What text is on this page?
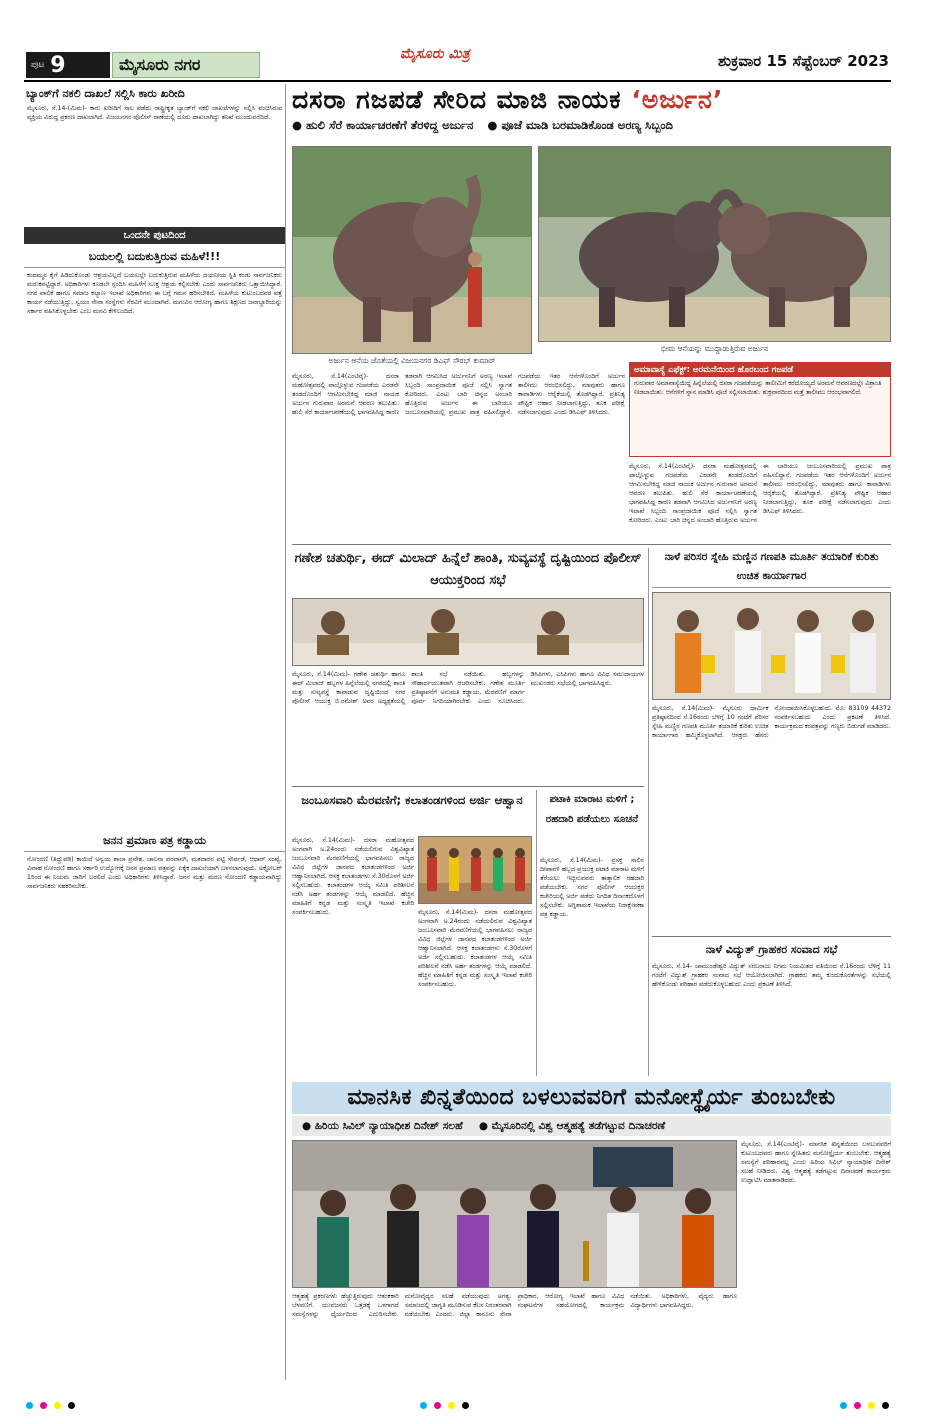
ಪುಟ 9	ಮೈಸೂರು ನಗರ
ಮೈಸೂರು ಮಿತ್ರ	ಶುಕ್ರವಾರ 15 ಸೆಪ್ಟೆಂಬರ್ 2023
ಬ್ಯಾಂಕ್‌ಗೆ ನಕಲಿ ದಾಖಲೆ ಸಲ್ಲಿಸಿ ಕಾರು ಖರೀದಿ
ಮೈಸೂರು, ಸೆ.14-(ಮಿಮ)- ಕಾರು ಖರೀದಿಗೆ ಸಾಲ ಪಡೆದು ರಾಷ್ಟ್ರೀಕೃತ ಬ್ಯಾಂಕ್‌ಗೆ ನಕಲಿ ದಾಖಲೆಗಳನ್ನು ಸಲ್ಲಿಸಿ ವಂಚಿಸಿರುವ ವ್ಯಕ್ತಿಯ ವಿರುದ್ಧ ಪ್ರಕರಣ ದಾಖಲಾಗಿದೆ. ವಿಜಯನಗರ ಪೊಲೀಸ್ ಠಾಣೆಯಲ್ಲಿ ದೂರು ದಾಖಲಾಗಿದ್ದು ತನಿಖೆ ಮುಂದುವರೆದಿದೆ.
ಒಂದನೇ ಪುಟದಿಂದ
ಬಯಲಲ್ಲಿ ಬದುಕುತ್ತಿರುವ ಮಹಿಳೆ!!!
ಕಂದಮ್ಮನ ಕೈಗೆ ಹಿಡಿದುಕೊಂಡು ಆಶ್ರಯವಿಲ್ಲದೆ ಬಯಲಲ್ಲೇ ಬದುಕುತ್ತಿರುವ ಮಹಿಳೆಯ ದಯನೀಯ ಸ್ಥಿತಿ ಕಂಡು ಸಾರ್ವಜನಿಕರು ಮರುಕಪಟ್ಟಿದ್ದಾರೆ. ಅಧಿಕಾರಿಗಳು ಕೂಡಲೇ ಸ್ಪಂದಿಸಿ ಮಹಿಳೆಗೆ ಸೂಕ್ತ ಆಶ್ರಯ ಕಲ್ಪಿಸಬೇಕು ಎಂದು ಸಾರ್ವಜನಿಕರು ಒತ್ತಾಯಿಸಿದ್ದಾರೆ. ನಗರ ಪಾಲಿಕೆ ಹಾಗೂ ಸಮಾಜ ಕಲ್ಯಾಣ ಇಲಾಖೆ ಅಧಿಕಾರಿಗಳು ಈ ಬಗ್ಗೆ ಗಮನ ಹರಿಸಬೇಕಿದೆ. ಮಹಿಳೆಯ ಕುಟುಂಬದವರ ಪತ್ತೆ ಕಾರ್ಯ ನಡೆಯುತ್ತಿದ್ದು, ಸ್ವಯಂ ಸೇವಾ ಸಂಸ್ಥೆಗಳು ನೆರವಿಗೆ ಮುಂದಾಗಿವೆ. ಮಗುವಿನ ಆರೋಗ್ಯ ಹಾಗೂ ಶಿಕ್ಷಣದ ಜವಾಬ್ದಾರಿಯನ್ನು ಸರ್ಕಾರ ವಹಿಸಿಕೊಳ್ಳಬೇಕು ಎಂಬ ಮನವಿ ಕೇಳಿಬಂದಿದೆ.
ಜನನ ಪ್ರಮಾಣ ಪತ್ರ ಕಡ್ಡಾಯ
ನೋಂದಣಿ (ತಿದ್ದುಪಡಿ) ಕಾಯಿದೆ ಅನ್ವಯ ಶಾಲಾ ಪ್ರವೇಶ, ಚಾಲನಾ ಪರವಾನಗಿ, ಮತದಾರರ ಪಟ್ಟಿ ಸೇರ್ಪಡೆ, ಆಧಾರ್ ಸಂಖ್ಯೆ, ವಿವಾಹ ನೋಂದಣಿ ಹಾಗೂ ಸರ್ಕಾರಿ ಉದ್ಯೋಗಕ್ಕೆ ಜನನ ಪ್ರಮಾಣ ಪತ್ರವನ್ನು ಏಕೈಕ ದಾಖಲೆಯಾಗಿ ಬಳಸಲಾಗುವುದು. ಅಕ್ಟೋಬರ್ 1ರಿಂದ ಈ ನಿಯಮ ಜಾರಿಗೆ ಬರಲಿದೆ ಎಂದು ಅಧಿಕಾರಿಗಳು ತಿಳಿಸಿದ್ದಾರೆ. ಜನನ ಮತ್ತು ಮರಣ ನೋಂದಣಿ ಕಡ್ಡಾಯವಾಗಿದ್ದು ಸಾರ್ವಜನಿಕರು ಸಹಕರಿಸಬೇಕು.
ದಸರಾ ಗಜಪಡೆ ಸೇರಿದ ಮಾಜಿ ನಾಯಕ ‘ಅರ್ಜುನ’
● ಹುಲಿ ಸೆರೆ ಕಾರ್ಯಾಚರಣೆಗೆ ತೆರಳಿದ್ದ ಅರ್ಜುನ	● ಪೂಜೆ ಮಾಡಿ ಬರಮಾಡಿಕೊಂಡ ಅರಣ್ಯ ಸಿಬ್ಬಂದಿ
ಅರ್ಜುನ ಆನೆಯ ಜೊತೆಯಲ್ಲಿ ವಿಜಯನಗರ ಡಿಎಫ್ ಸೌರಭ್ ಕುಮಾರ್
ಭೀಮ ಆನೆಯನ್ನು ಮುದ್ದಾಡುತ್ತಿರುವ ಅರ್ಜುನ
ಮೈಸೂರು, ಸೆ.14(ಎಂಟಿವೈ)- ದಸರಾ ಮಹೋತ್ಸವದಲ್ಲಿ ಪಾಲ್ಗೊಳ್ಳುವ ಗಜಪಡೆಯ ಎರಡನೇ ತಂಡದೊಂದಿಗೆ ಆಗಮಿಸಬೇಕಿದ್ದ ಮಾಜಿ ನಾಯಕ ಅರ್ಜುನ ಗುರುವಾರ ಅರಮನೆ ಆವರಣ ತಲುಪಿತು. ಹುಲಿ ಸೆರೆ ಕಾರ್ಯಾಚರಣೆಯಲ್ಲಿ ಭಾಗವಹಿಸಿದ್ದ ಕಾರಣ ತಡವಾಗಿ ಆಗಮಿಸಿದ ಅರ್ಜುನನಿಗೆ ಅರಣ್ಯ ಇಲಾಖೆ ಸಿಬ್ಬಂದಿ ಸಾಂಪ್ರದಾಯಿಕ ಪೂಜೆ ಸಲ್ಲಿಸಿ ಸ್ವಾಗತ ಕೋರಿದರು. ಎಂಟು ಬಾರಿ ಚಿನ್ನದ ಅಂಬಾರಿ ಹೊತ್ತಿರುವ ಅರ್ಜುನ ಈ ಬಾರಿಯೂ ಜಂಬೂಸವಾರಿಯಲ್ಲಿ ಪ್ರಮುಖ ಪಾತ್ರ ವಹಿಸಲಿದ್ದಾನೆ. ಗಜಪಡೆಯ ಇತರ ಆನೆಗಳೊಂದಿಗೆ ಅರ್ಜುನ ತಾಲೀಮು ಆರಂಭಿಸಲಿದ್ದು, ಮಾವುತರು ಹಾಗೂ ಕಾವಾಡಿಗಳು ಆರೈಕೆಯಲ್ಲಿ ತೊಡಗಿದ್ದಾರೆ. ಪ್ರತಿನಿತ್ಯ ಪೌಷ್ಟಿಕ ಆಹಾರ ನೀಡಲಾಗುತ್ತಿದ್ದು, ತೂಕ ಪರೀಕ್ಷೆ ನಡೆಸಲಾಗುವುದು ಎಂದು ಡಿಸಿಎಫ್ ತಿಳಿಸಿದರು.
ಅಮಾವಾಸ್ಯೆ ಎಫೆಕ್ಟ್: ಅರಮನೆಯಿಂದ ಹೊರಬಂದ ಗಜಪಡೆ
ಗುರುವಾರ ಅಮಾವಾಸ್ಯೆಯಿದ್ದ ಹಿನ್ನೆಲೆಯಲ್ಲಿ ದಸರಾ ಗಜಪಡೆಯನ್ನು ತಾಲೀಮಿಗೆ ಕರೆದೊಯ್ಯದೆ ಅರಮನೆ ಆವರಣದಲ್ಲೇ ವಿಶ್ರಾಂತಿ ನೀಡಲಾಯಿತು. ಆನೆಗಳಿಗೆ ಸ್ನಾನ ಮಾಡಿಸಿ ಪೂಜೆ ಸಲ್ಲಿಸಲಾಯಿತು. ಶುಕ್ರವಾರದಿಂದ ಮತ್ತೆ ತಾಲೀಮು ಆರಂಭವಾಗಲಿದೆ.
ಮೈಸೂರು, ಸೆ.14(ಎಂಟಿವೈ)- ದಸರಾ ಮಹೋತ್ಸವದಲ್ಲಿ ಪಾಲ್ಗೊಳ್ಳುವ ಗಜಪಡೆಯ ಎರಡನೇ ತಂಡದೊಂದಿಗೆ ಆಗಮಿಸಬೇಕಿದ್ದ ಮಾಜಿ ನಾಯಕ ಅರ್ಜುನ ಗುರುವಾರ ಅರಮನೆ ಆವರಣ ತಲುಪಿತು. ಹುಲಿ ಸೆರೆ ಕಾರ್ಯಾಚರಣೆಯಲ್ಲಿ ಭಾಗವಹಿಸಿದ್ದ ಕಾರಣ ತಡವಾಗಿ ಆಗಮಿಸಿದ ಅರ್ಜುನನಿಗೆ ಅರಣ್ಯ ಇಲಾಖೆ ಸಿಬ್ಬಂದಿ ಸಾಂಪ್ರದಾಯಿಕ ಪೂಜೆ ಸಲ್ಲಿಸಿ ಸ್ವಾಗತ ಕೋರಿದರು. ಎಂಟು ಬಾರಿ ಚಿನ್ನದ ಅಂಬಾರಿ ಹೊತ್ತಿರುವ ಅರ್ಜುನ ಈ ಬಾರಿಯೂ ಜಂಬೂಸವಾರಿಯಲ್ಲಿ ಪ್ರಮುಖ ಪಾತ್ರ ವಹಿಸಲಿದ್ದಾನೆ. ಗಜಪಡೆಯ ಇತರ ಆನೆಗಳೊಂದಿಗೆ ಅರ್ಜುನ ತಾಲೀಮು ಆರಂಭಿಸಲಿದ್ದು, ಮಾವುತರು ಹಾಗೂ ಕಾವಾಡಿಗಳು ಆರೈಕೆಯಲ್ಲಿ ತೊಡಗಿದ್ದಾರೆ. ಪ್ರತಿನಿತ್ಯ ಪೌಷ್ಟಿಕ ಆಹಾರ ನೀಡಲಾಗುತ್ತಿದ್ದು, ತೂಕ ಪರೀಕ್ಷೆ ನಡೆಸಲಾಗುವುದು ಎಂದು ಡಿಸಿಎಫ್ ತಿಳಿಸಿದರು.
ಗಣೇಶ ಚತುರ್ಥಿ, ಈದ್ ಮಿಲಾದ್ ಹಿನ್ನೆಲೆ ಶಾಂತಿ, ಸುವ್ಯವಸ್ಥೆ ದೃಷ್ಟಿಯಿಂದ ಪೊಲೀಸ್ ಆಯುಕ್ತರಿಂದ ಸಭೆ
ಮೈಸೂರು, ಸೆ.14(ಮಿಮ)- ಗಣೇಶ ಚತುರ್ಥಿ ಹಾಗೂ ಈದ್ ಮಿಲಾದ್ ಹಬ್ಬಗಳ ಹಿನ್ನೆಲೆಯಲ್ಲಿ ನಗರದಲ್ಲಿ ಶಾಂತಿ ಮತ್ತು ಸುವ್ಯವಸ್ಥೆ ಕಾಪಾಡುವ ದೃಷ್ಟಿಯಿಂದ ನಗರ ಪೊಲೀಸ್ ಆಯುಕ್ತ ಬಿ.ರಮೇಶ್ ಅವರ ಅಧ್ಯಕ್ಷತೆಯಲ್ಲಿ ಶಾಂತಿ ಸಭೆ ನಡೆಯಿತು. ಹಬ್ಬಗಳನ್ನು ಸೌಹಾರ್ದಯುತವಾಗಿ ಆಚರಿಸಬೇಕು. ಗಣೇಶ ಮೂರ್ತಿ ಪ್ರತಿಷ್ಠಾಪನೆಗೆ ಅನುಮತಿ ಕಡ್ಡಾಯ, ಮೆರವಣಿಗೆ ಮಾರ್ಗ ಪೂರ್ವ ನಿಗದಿಯಾಗಿರಬೇಕು ಎಂದು ಸೂಚಿಸಿದರು. ಡಿಸಿಪಿಗಳು, ಎಸಿಪಿಗಳು ಹಾಗೂ ವಿವಿಧ ಸಮುದಾಯಗಳ ಮುಖಂಡರು ಸಭೆಯಲ್ಲಿ ಭಾಗವಹಿಸಿದ್ದರು.
ನಾಳೆ ಪರಿಸರ ಸ್ನೇಹಿ ಮಣ್ಣಿನ ಗಣಪತಿ ಮೂರ್ತಿ ತಯಾರಿಕೆ ಕುರಿತು ಉಚಿತ ಕಾರ್ಯಾಗಾರ
ಮೈಸೂರು, ಸೆ.14(ಮಿಮ)- ಮೈಸೂರು ಧಾರ್ಮಿಕ ಪ್ರತಿಷ್ಠಾನದಿಂದ ಸೆ.16ರಂದು ಬೆಳಿಗ್ಗೆ 10 ಗಂಟೆಗೆ ಪರಿಸರ ಸ್ನೇಹಿ ಮಣ್ಣಿನ ಗಣಪತಿ ಮೂರ್ತಿ ತಯಾರಿಕೆ ಕುರಿತು ಉಚಿತ ಕಾರ್ಯಾಗಾರ ಹಮ್ಮಿಕೊಳ್ಳಲಾಗಿದೆ. ಆಸಕ್ತರು ಹೆಸರು ನೋಂದಾಯಿಸಿಕೊಳ್ಳಬಹುದು. ಮೊ: 83109 44372 ಸಂಪರ್ಕಿಸಬಹುದು ಎಂದು ಪ್ರಕಟಣೆ ತಿಳಿಸಿದೆ. ಕಾರ್ಯಕ್ರಮದ ಕರಪತ್ರವನ್ನು ಗಣ್ಯರು ಬಿಡುಗಡೆ ಮಾಡಿದರು.
ಜಂಬೂಸವಾರಿ ಮೆರವಣಿಗೆ; ಕಲಾತಂಡಗಳಿಂದ ಅರ್ಜಿ ಆಹ್ವಾನ
ಮೈಸೂರು, ಸೆ.14(ಮಿಮ)- ದಸರಾ ಮಹೋತ್ಸವದ ಅಂಗವಾಗಿ ಅ.24ರಂದು ನಡೆಯಲಿರುವ ವಿಶ್ವವಿಖ್ಯಾತ ಜಂಬೂಸವಾರಿ ಮೆರವಣಿಗೆಯಲ್ಲಿ ಭಾಗವಹಿಸಲು ರಾಜ್ಯದ ವಿವಿಧ ಜಿಲ್ಲೆಗಳ ಜಾನಪದ ಕಲಾತಂಡಗಳಿಂದ ಅರ್ಜಿ ಆಹ್ವಾನಿಸಲಾಗಿದೆ. ಆಸಕ್ತ ಕಲಾತಂಡಗಳು ಸೆ.30ರೊಳಗೆ ಅರ್ಜಿ ಸಲ್ಲಿಸಬಹುದು. ಕಲಾತಂಡಗಳ ಆಯ್ಕೆ ಸಮಿತಿ ಪರಿಶೀಲನೆ ನಡೆಸಿ ಅರ್ಹ ತಂಡಗಳನ್ನು ಆಯ್ಕೆ ಮಾಡಲಿದೆ. ಹೆಚ್ಚಿನ ಮಾಹಿತಿಗೆ ಕನ್ನಡ ಮತ್ತು ಸಂಸ್ಕೃತಿ ಇಲಾಖೆ ಕಚೇರಿ ಸಂಪರ್ಕಿಸಬಹುದು.	ಮೈಸೂರು, ಸೆ.14(ಮಿಮ)- ದಸರಾ ಮಹೋತ್ಸವದ ಅಂಗವಾಗಿ ಅ.24ರಂದು ನಡೆಯಲಿರುವ ವಿಶ್ವವಿಖ್ಯಾತ ಜಂಬೂಸವಾರಿ ಮೆರವಣಿಗೆಯಲ್ಲಿ ಭಾಗವಹಿಸಲು ರಾಜ್ಯದ ವಿವಿಧ ಜಿಲ್ಲೆಗಳ ಜಾನಪದ ಕಲಾತಂಡಗಳಿಂದ ಅರ್ಜಿ ಆಹ್ವಾನಿಸಲಾಗಿದೆ. ಆಸಕ್ತ ಕಲಾತಂಡಗಳು ಸೆ.30ರೊಳಗೆ ಅರ್ಜಿ ಸಲ್ಲಿಸಬಹುದು. ಕಲಾತಂಡಗಳ ಆಯ್ಕೆ ಸಮಿತಿ ಪರಿಶೀಲನೆ ನಡೆಸಿ ಅರ್ಹ ತಂಡಗಳನ್ನು ಆಯ್ಕೆ ಮಾಡಲಿದೆ. ಹೆಚ್ಚಿನ ಮಾಹಿತಿಗೆ ಕನ್ನಡ ಮತ್ತು ಸಂಸ್ಕೃತಿ ಇಲಾಖೆ ಕಚೇರಿ ಸಂಪರ್ಕಿಸಬಹುದು.
ಪಟಾಕಿ ಮಾರಾಟ ಮಳಿಗೆ ; ರಹದಾರಿ ಪಡೆಯಲು ಸೂಚನೆ
ಮೈಸೂರು, ಸೆ.14(ಮಿಮ)- ಪ್ರಸಕ್ತ ಸಾಲಿನ ದೀಪಾವಳಿ ಹಬ್ಬದ ಪ್ರಯುಕ್ತ ಪಟಾಕಿ ಮಾರಾಟ ಮಳಿಗೆ ತೆರೆಯಲು ಇಚ್ಛಿಸುವವರು ತಾತ್ಕಾಲಿಕ ರಹದಾರಿ ಪಡೆಯಬೇಕು. ನಗರ ಪೊಲೀಸ್ ಆಯುಕ್ತರ ಕಚೇರಿಯಲ್ಲಿ ಅರ್ಜಿ ಪಡೆದು ನಿಗದಿತ ದಿನಾಂಕದೊಳಗೆ ಸಲ್ಲಿಸಬೇಕು. ಅಗ್ನಿಶಾಮಕ ಇಲಾಖೆಯ ನಿರಾಕ್ಷೇಪಣಾ ಪತ್ರ ಕಡ್ಡಾಯ.
ನಾಳೆ ವಿದ್ಯುತ್ ಗ್ರಾಹಕರ ಸಂವಾದ ಸಭೆ
ಮೈಸೂರು, ಸೆ.14- ಚಾಮುಂಡೇಶ್ವರಿ ವಿದ್ಯುತ್ ಸರಬರಾಜು ನಿಗಮ ನಿಯಮಿತದ ವತಿಯಿಂದ ಸೆ.16ರಂದು ಬೆಳಿಗ್ಗೆ 11 ಗಂಟೆಗೆ ವಿದ್ಯುತ್ ಗ್ರಾಹಕರ ಸಂವಾದ ಸಭೆ ಆಯೋಜಿಸಲಾಗಿದೆ. ಗ್ರಾಹಕರು ತಮ್ಮ ಕುಂದುಕೊರತೆಗಳನ್ನು ಸಭೆಯಲ್ಲಿ ಹೇಳಿಕೊಂಡು ಪರಿಹಾರ ಪಡೆದುಕೊಳ್ಳಬಹುದು ಎಂದು ಪ್ರಕಟಣೆ ತಿಳಿಸಿದೆ.
ಮಾನಸಿಕ ಖಿನ್ನತೆಯಿಂದ ಬಳಲುವವರಿಗೆ ಮನೋಸ್ಥೈರ್ಯ ತುಂಬಬೇಕು
● ಹಿರಿಯ ಸಿವಿಲ್ ನ್ಯಾಯಾಧೀಶ ದಿನೇಶ್ ಸಲಹೆ	● ಮೈಸೂರಿನಲ್ಲಿ ವಿಶ್ವ ಆತ್ಮಹತ್ಯೆ ತಡೆಗಟ್ಟುವ ದಿನಾಚರಣೆ
ಮೈಸೂರು, ಸೆ.14(ಎಂಟಿವೈ)- ಮಾನಸಿಕ ಖಿನ್ನತೆಯಿಂದ ಬಳಲುವವರಿಗೆ ಕುಟುಂಬದವರು ಹಾಗೂ ಸ್ನೇಹಿತರು ಮನೋಸ್ಥೈರ್ಯ ತುಂಬಬೇಕು. ಆತ್ಮಹತ್ಯೆ ಸಮಸ್ಯೆಗೆ ಪರಿಹಾರವಲ್ಲ ಎಂದು ಹಿರಿಯ ಸಿವಿಲ್ ನ್ಯಾಯಾಧೀಶ ದಿನೇಶ್ ಸಲಹೆ ನೀಡಿದರು. ವಿಶ್ವ ಆತ್ಮಹತ್ಯೆ ತಡೆಗಟ್ಟುವ ದಿನಾಚರಣೆ ಕಾರ್ಯಕ್ರಮ ಉದ್ಘಾಟಿಸಿ ಮಾತನಾಡಿದರು.
ಆತ್ಮಹತ್ಯೆ ಪ್ರಕರಣಗಳು ಹೆಚ್ಚುತ್ತಿರುವುದು ಆತಂಕಕಾರಿ ಬೆಳವಣಿಗೆ. ಯುವಜನರು ಒತ್ತಡಕ್ಕೆ ಒಳಗಾಗದೆ ಸಮಸ್ಯೆಗಳನ್ನು ಧೈರ್ಯದಿಂದ ಎದುರಿಸಬೇಕು. ಮನೋವೈದ್ಯರ ಸಲಹೆ ಪಡೆಯುವುದು ಅಗತ್ಯ. ಸಮಾಜದಲ್ಲಿ ಜಾಗೃತಿ ಮೂಡಿಸುವ ಕೆಲಸ ನಿರಂತರವಾಗಿ ನಡೆಯಬೇಕು ಎಂದರು. ಜಿಲ್ಲಾ ಕಾನೂನು ಸೇವಾ ಪ್ರಾಧಿಕಾರ, ಆರೋಗ್ಯ ಇಲಾಖೆ ಹಾಗೂ ವಿವಿಧ ಸಂಘಟನೆಗಳ ಸಹಯೋಗದಲ್ಲಿ ಕಾರ್ಯಕ್ರಮ ನಡೆಯಿತು. ಅಧಿಕಾರಿಗಳು, ವೈದ್ಯರು ಹಾಗೂ ವಿದ್ಯಾರ್ಥಿಗಳು ಭಾಗವಹಿಸಿದ್ದರು.
